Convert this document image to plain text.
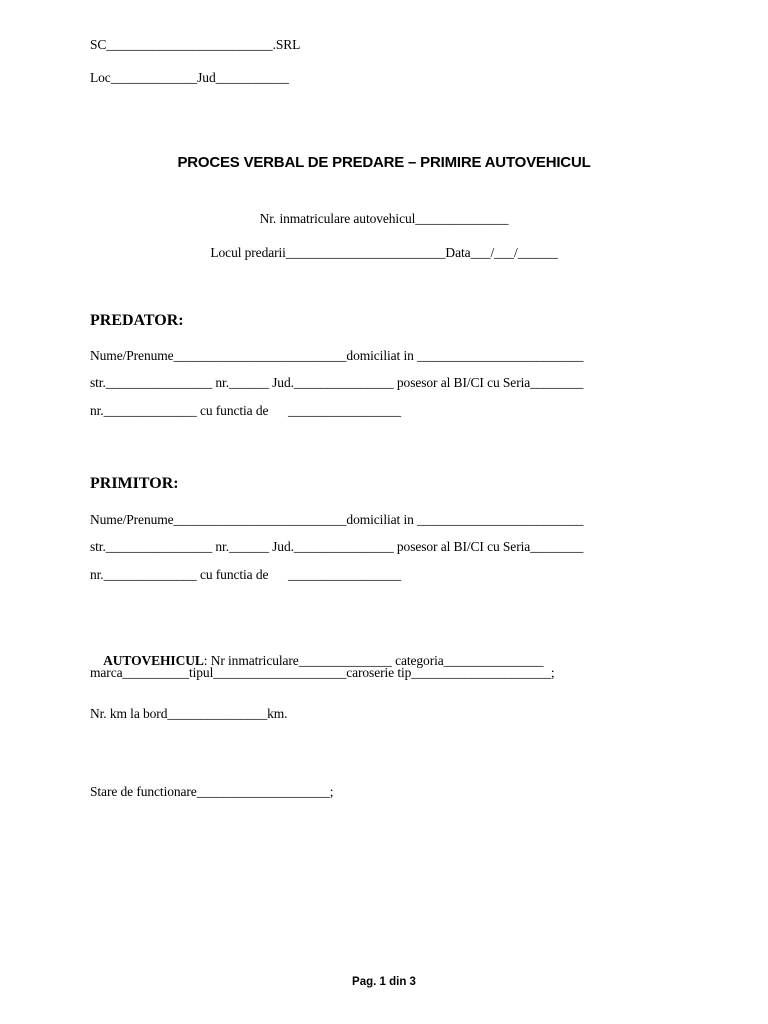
SC_________________________.SRL
Loc_____________Jud___________
PROCES VERBAL DE PREDARE – PRIMIRE AUTOVEHICUL
Nr. inmatriculare autovehicul______________
Locul predarii________________________Data___/___/______
PREDATOR:
Nume/Prenume__________________________domiciliat in _________________________
str.________________ nr.______ Jud._______________ posesor al BI/CI cu Seria________
nr.______________ cu functia de      _________________
PRIMITOR:
Nume/Prenume__________________________domiciliat in _________________________
str.________________ nr.______ Jud._______________ posesor al BI/CI cu Seria________
nr.______________ cu functia de      _________________

AUTOVEHICUL: Nr inmatriculare______________ categoria_______________

marca__________tipul____________________caroserie tip_____________________;
Nr. km la bord_______________km.
Stare de functionare____________________;
Pag. 1 din 3
